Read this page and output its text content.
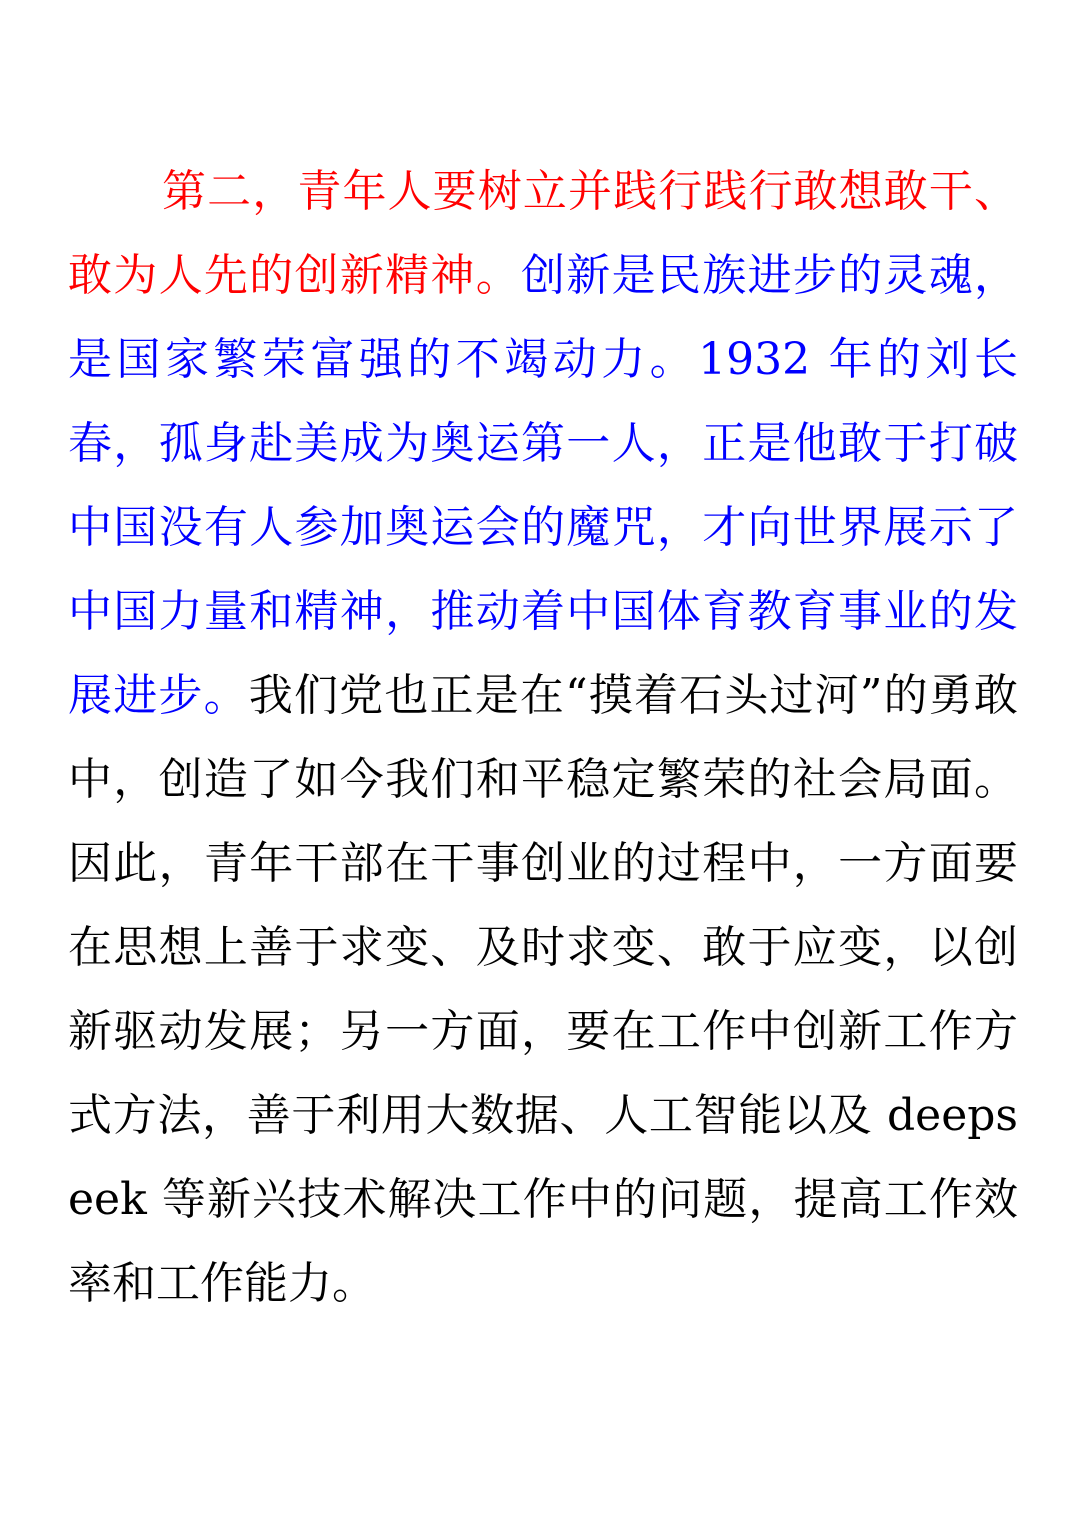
第二，青年人要树立并践行践行敢想敢干、敢为人先的创新精神。创新是民族进步的灵魂，是国家繁荣富强的不竭动力。1932 年的刘长春，孤身赴美成为奥运第一人，正是他敢于打破中国没有人参加奥运会的魔咒，才向世界展示了中国力量和精神，推动着中国体育教育事业的发展进步。我们党也正是在“摸着石头过河”的勇敢中，创造了如今我们和平稳定繁荣的社会局面。因此，青年干部在干事创业的过程中，一方面要在思想上善于求变、及时求变、敢于应变，以创新驱动发展；另一方面，要在工作中创新工作方式方法，善于利用大数据、人工智能以及 deepseek 等新兴技术解决工作中的问题，提高工作效率和工作能力。
